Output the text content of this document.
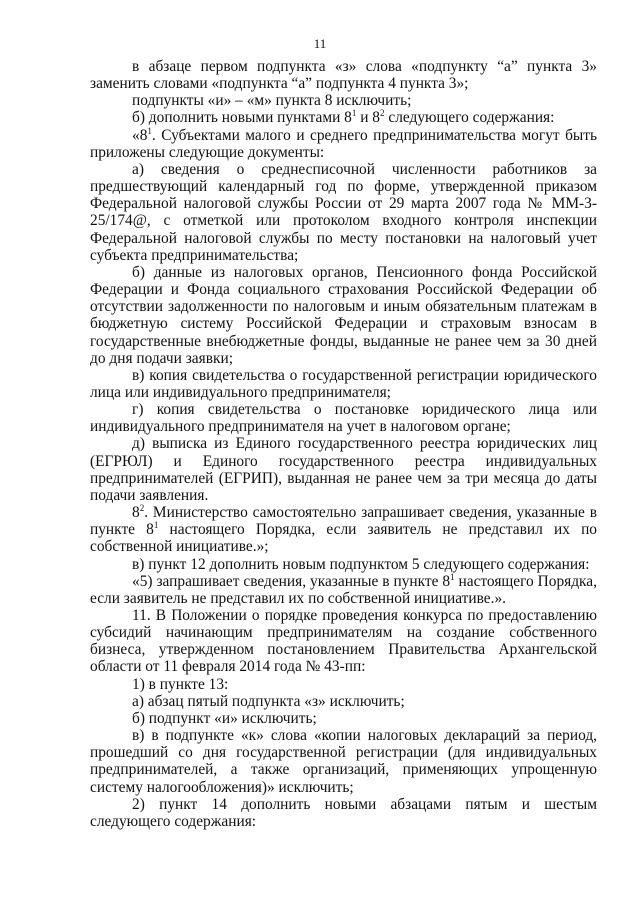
11

в абзаце первом подпункта «з» слова «подпункту “а” пункта 3» заменить словами «подпункта “а” подпункта 4 пункта 3»;

подпункты «и» – «м» пункта 8 исключить;

б) дополнить новыми пунктами $8^1$ и $8^2$ следующего содержания:

«$8^1$. Субъектами малого и среднего предпринимательства могут быть приложены следующие документы:

а) сведения о среднесписочной численности работников за предшествующий календарный год по форме, утвержденной приказом Федеральной налоговой службы России от 29 марта 2007 года № ММ-3-25/174@, с отметкой или протоколом входного контроля инспекции Федеральной налоговой службы по месту постановки на налоговый учет субъекта предпринимательства;

б) данные из налоговых органов, Пенсионного фонда Российской Федерации и Фонда социального страхования Российской Федерации об отсутствии задолженности по налоговым и иным обязательным платежам в бюджетную систему Российской Федерации и страховым взносам в государственные внебюджетные фонды, выданные не ранее чем за 30 дней до дня подачи заявки;

в) копия свидетельства о государственной регистрации юридического лица или индивидуального предпринимателя;

г) копия свидетельства о постановке юридического лица или индивидуального предпринимателя на учет в налоговом органе;

д) выписка из Единого государственного реестра юридических лиц (ЕГРЮЛ) и Единого государственного реестра индивидуальных предпринимателей (ЕГРИП), выданная не ранее чем за три месяца до даты подачи заявления.

$8^2$. Министерство самостоятельно запрашивает сведения, указанные в пункте $8^1$ настоящего Порядка, если заявитель не представил их по собственной инициативе.»;

в) пункт 12 дополнить новым подпунктом 5 следующего содержания:

«5) запрашивает сведения, указанные в пункте $8^1$ настоящего Порядка, если заявитель не представил их по собственной инициативе.».

11. В Положении о порядке проведения конкурса по предоставлению субсидий начинающим предпринимателям на создание собственного бизнеса, утвержденном постановлением Правительства Архангельской области от 11 февраля 2014 года № 43-пп:

1) в пункте 13:

а) абзац пятый подпункта «з» исключить;

б) подпункт «и» исключить;

в) в подпункте «к» слова «копии налоговых деклараций за период, прошедший со дня государственной регистрации (для индивидуальных предпринимателей, а также организаций, применяющих упрощенную систему налогообложения)» исключить;

2) пункт 14 дополнить новыми абзацами пятым и шестым следующего содержания:
